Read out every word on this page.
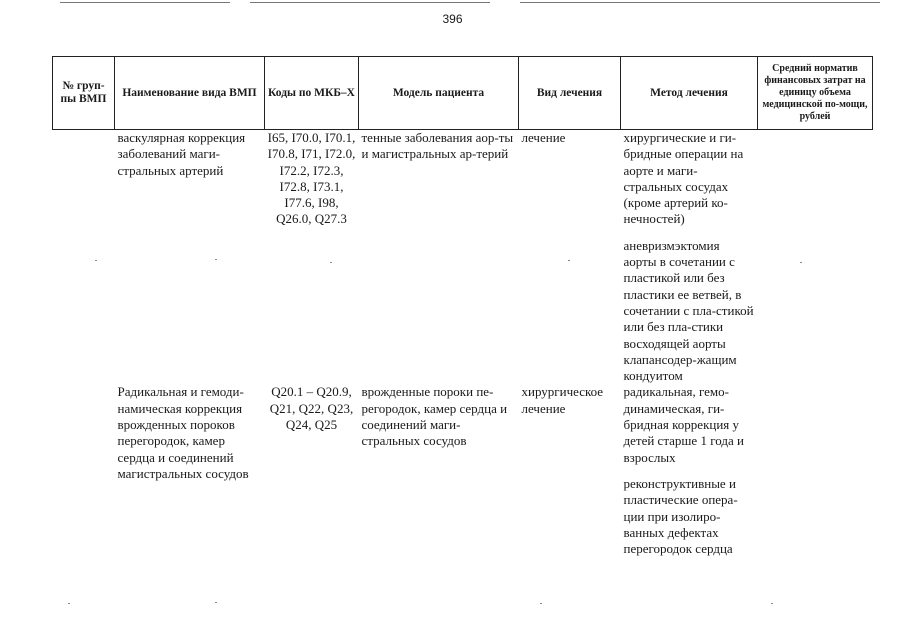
396
№ груп-пы ВМП	Наименование вида ВМП	Коды по МКБ–X	Модель пациента	Вид лечения	Метод лечения	Средний норматив финансовых затрат на единицу объема медицинской по-мощи, рублей
	васкулярная коррекция заболеваний маги-стральных артерий	I65, I70.0, I70.1, I70.8, I71, I72.0, I72.2, I72.3, I72.8, I73.1, I77.6, I98, Q26.0, Q27.3	тенные заболевания аор-ты и магистральных ар-терий	лечение	хирургические и ги-бридные операции на аорте и маги-стральных сосудах (кроме артерий ко-нечностей)
аневризмэктомия аорты в сочетании с пластикой или без пластики ее ветвей, в сочетании с пла-стикой или без пла-стики восходящей аорты клапансодер-жащим кондуитом	

	Радикальная и гемоди-намическая коррекция врожденных пороков перегородок, камер сердца и соединений магистральных сосудов	Q20.1 – Q20.9, Q21, Q22, Q23, Q24, Q25	врожденные пороки пе-регородок, камер сердца и соединений маги-стральных сосудов	хирургическое лечение	радикальная, гемо-динамическая, ги-бридная коррекция у детей старше 1 года и взрослых
реконструктивные и пластические опера-ции при изолиро-ванных дефектах перегородок сердца	
